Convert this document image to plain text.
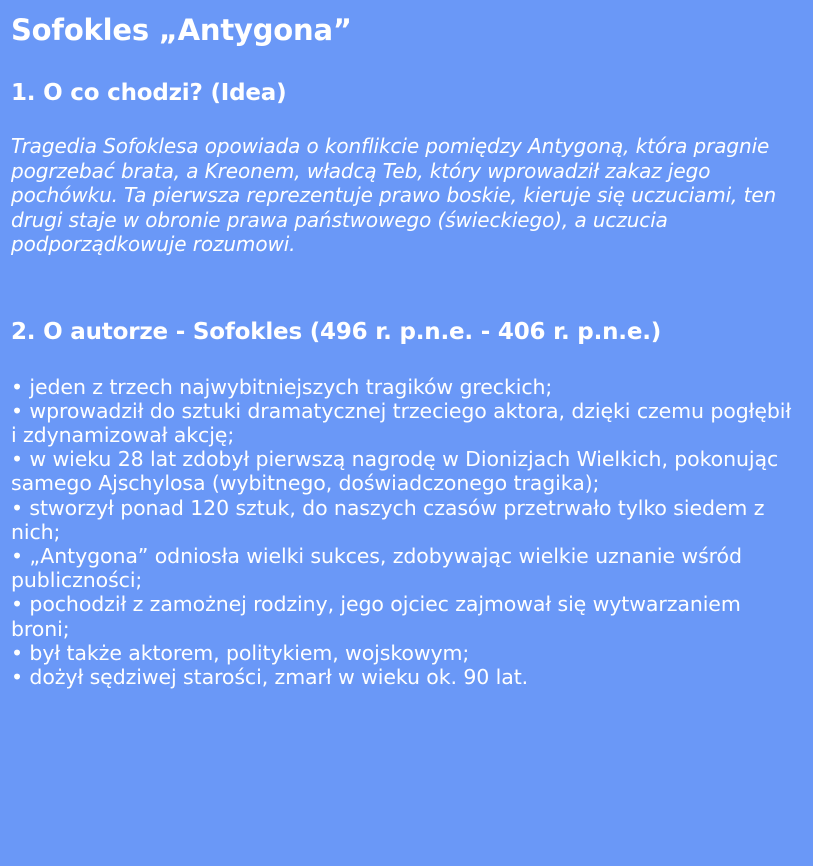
Sofokles „Antygona”
1. O co chodzi? (Idea)

Tragedia Sofoklesa opowiada o konflikcie pomiędzy Antygoną, która pragnie pogrzebać brata, a Kreonem, władcą Teb, który wprowadził zakaz jego pochówku. Ta pierwsza reprezentuje prawo boskie, kieruje się uczuciami, ten drugi staje w obronie prawa państwowego (świeckiego), a uczucia podporządkowuje rozumowi.

2. O autorze - Sofokles (496 r. p.n.e. - 406 r. p.n.e.)
• jeden z trzech najwybitniejszych tragików greckich;
• wprowadził do sztuki dramatycznej trzeciego aktora, dzięki czemu pogłębił i zdynamizował akcję;
• w wieku 28 lat zdobył pierwszą nagrodę w Dionizjach Wielkich, pokonując samego Ajschylosa (wybitnego, doświadczonego tragika);
• stworzył ponad 120 sztuk, do naszych czasów przetrwało tylko siedem z nich;
• „Antygona” odniosła wielki sukces, zdobywając wielkie uznanie wśród publiczności;
• pochodził z zamożnej rodziny, jego ojciec zajmował się wytwarzaniem broni;
• był także aktorem, politykiem, wojskowym;
• dożył sędziwej starości, zmarł w wieku ok. 90 lat.
